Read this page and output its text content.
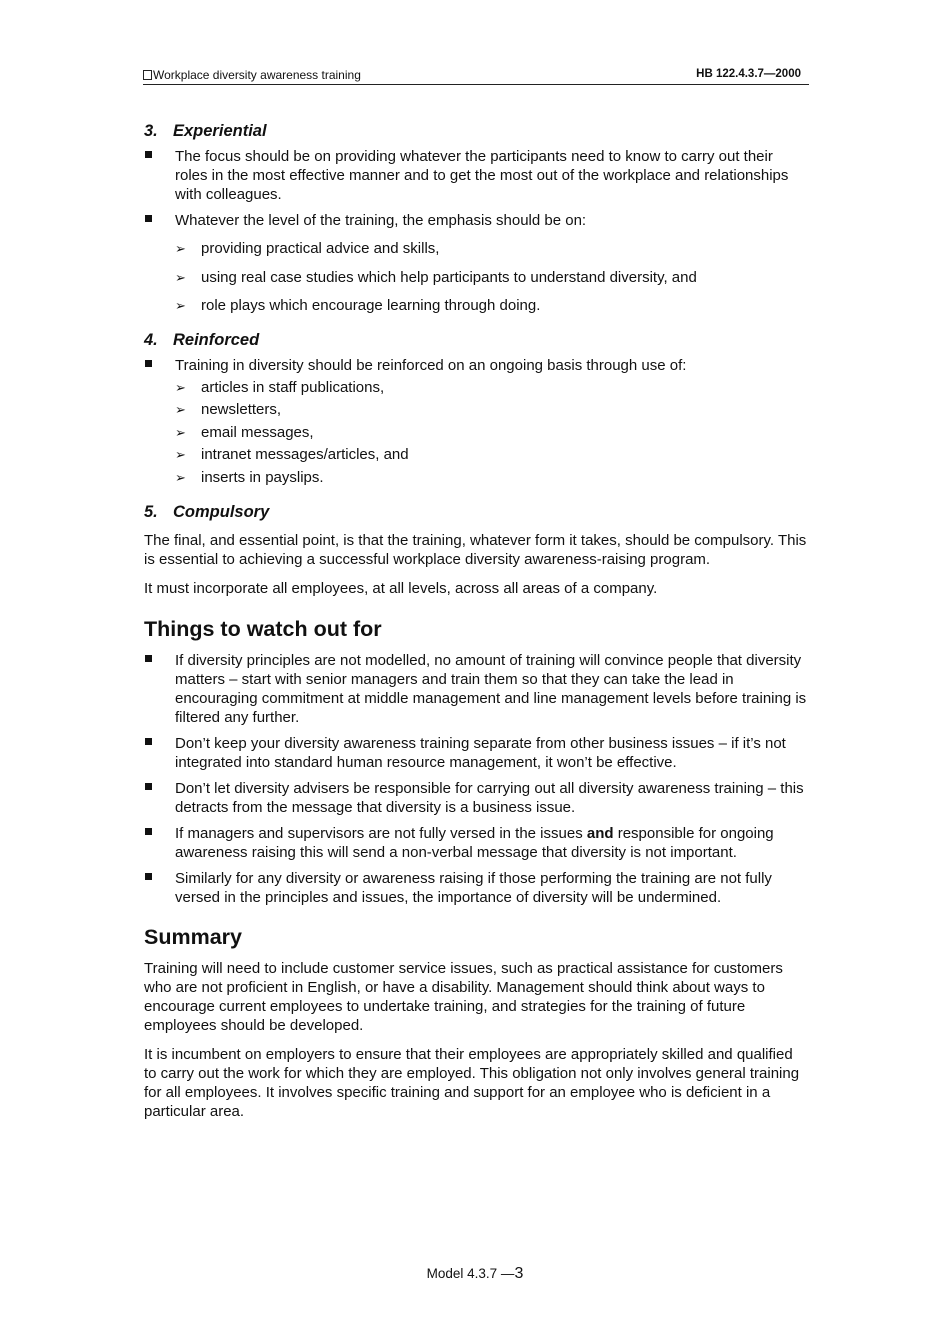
Workplace diversity awareness training	HB 122.4.3.7—2000
3. Experiential
The focus should be on providing whatever the participants need to know to carry out their roles in the most effective manner and to get the most out of the workplace and relationships with colleagues.
Whatever the level of the training, the emphasis should be on:
➢ providing practical advice and skills,
➢ using real case studies which help participants to understand diversity, and
➢ role plays which encourage learning through doing.
4. Reinforced
Training in diversity should be reinforced on an ongoing basis through use of:
➢ articles in staff publications,
➢ newsletters,
➢ email messages,
➢ intranet messages/articles, and
➢ inserts in payslips.
5. Compulsory

The final, and essential point, is that the training, whatever form it takes, should be compulsory. This is essential to achieving a successful workplace diversity awareness-raising program.

It must incorporate all employees, at all levels, across all areas of a company.

Things to watch out for
If diversity principles are not modelled, no amount of training will convince people that diversity matters – start with senior managers and train them so that they can take the lead in encouraging commitment at middle management and line management levels before training is filtered any further.
Don’t keep your diversity awareness training separate from other business issues – if it’s not integrated into standard human resource management, it won’t be effective.
Don’t let diversity advisers be responsible for carrying out all diversity awareness training – this detracts from the message that diversity is a business issue.
If managers and supervisors are not fully versed in the issues and responsible for ongoing awareness raising this will send a non-verbal message that diversity is not important.
Similarly for any diversity or awareness raising if those performing the training are not fully versed in the principles and issues, the importance of diversity will be undermined.
Summary

Training will need to include customer service issues, such as practical assistance for customers who are not proficient in English, or have a disability. Management should think about ways to encourage current employees to undertake training, and strategies for the training of future employees should be developed.

It is incumbent on employers to ensure that their employees are appropriately skilled and qualified to carry out the work for which they are employed. This obligation not only involves general training for all employees. It involves specific training and support for an employee who is deficient in a particular area.

Model 4.3.7 —3
